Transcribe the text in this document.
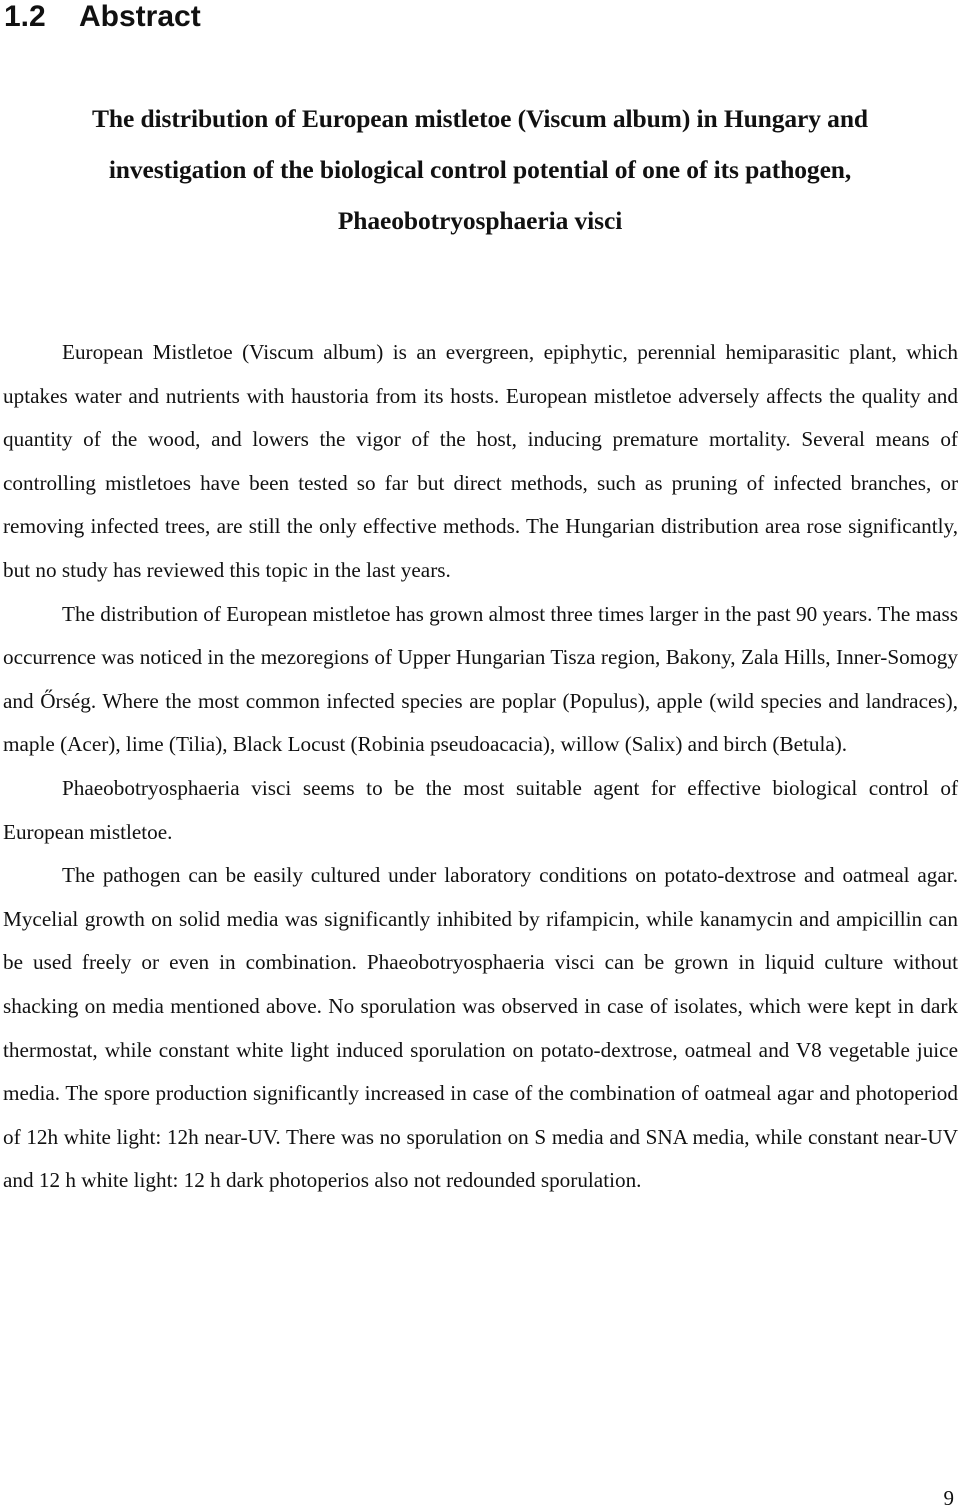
1.2 Abstract
The distribution of European mistletoe (Viscum album) in Hungary and
investigation of the biological control potential of one of its pathogen,
Phaeobotryosphaeria visci

European Mistletoe (Viscum album) is an evergreen, epiphytic, perennial hemiparasitic plant, which uptakes water and nutrients with haustoria from its hosts. European mistletoe adversely affects the quality and quantity of the wood, and lowers the vigor of the host, inducing premature mortality. Several means of controlling mistletoes have been tested so far but direct methods, such as pruning of infected branches, or removing infected trees, are still the only effective methods. The Hungarian distribution area rose significantly, but no study has reviewed this topic in the last years.

The distribution of European mistletoe has grown almost three times larger in the past 90 years. The mass occurrence was noticed in the mezoregions of Upper Hungarian Tisza region, Bakony, Zala Hills, Inner-Somogy and Őrség. Where the most common infected species are poplar (Populus), apple (wild species and landraces), maple (Acer), lime (Tilia), Black Locust (Robinia pseudoacacia), willow (Salix) and birch (Betula).

Phaeobotryosphaeria visci seems to be the most suitable agent for effective biological control of European mistletoe.

The pathogen can be easily cultured under laboratory conditions on potato-dextrose and oatmeal agar. Mycelial growth on solid media was significantly inhibited by rifampicin, while kanamycin and ampicillin can be used freely or even in combination. Phaeobotryosphaeria visci can be grown in liquid culture without shacking on media mentioned above. No sporulation was observed in case of isolates, which were kept in dark thermostat, while constant white light induced sporulation on potato-dextrose, oatmeal and V8 vegetable juice media. The spore production significantly increased in case of the combination of oatmeal agar and photoperiod of 12h white light: 12h near-UV. There was no sporulation on S media and SNA media, while constant near-UV and 12 h white light: 12 h dark photoperios also not redounded sporulation.

9
